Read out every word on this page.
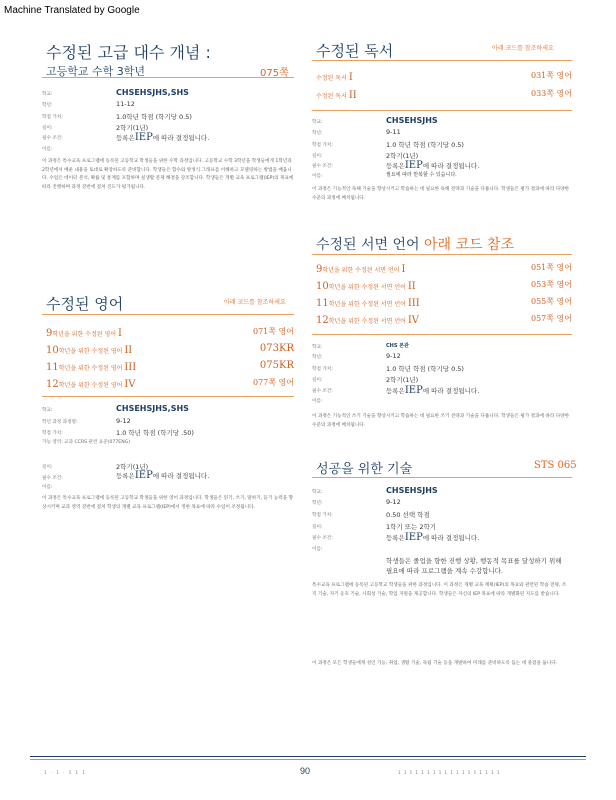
Machine Translated by Google
수정된 고급 대수 개념 :
고등학교 수학 3학년	075쪽
학교:	CHSEHSJHS,SHS
학년:	11-12
학점 가치:	1.0학년 학점 (학기당 0.5)
길이:	2학기(1년)
필수 조건:	등록은IEP에 따라 결정됩니다.
이름:
이 과정은 특수교육 프로그램에 등록된 고등학교 학생들을 위한 수학 과정입니다. 고등학교 수학 3학년을 학생들에게 1학년과 2학년에서 배운 내용을 토대로 확장하도록 준비합니다. 학생들은 함수와 방정식 그래프를 이해하고 모델링하는 방법을 배웁니다. 수업은 데이터 분석, 확률 및 통계를 포함하며 실생활 문제 해결을 강조합니다. 학생들은 개별 교육 프로그램(IEP)의 목표에 따라 진행하며 과정 전반에 걸쳐 진도가 평가됩니다.
수정된 영어	아래 코드를 참조하세요
9학년을 위한 수정된 영어 I	071쪽 영어
10학년을 위한 수정된 영어 II	073KR
11학년을 위한 수정된 영어 III	075KR
12학년을 위한 수정된 영어 IV	077쪽 영어
학교:	CHSEHSJHS,SHS
학년 과정 과정명:	9-12
학점 가치:	1.0 학년 학점 (학기당 .50)
가능 영역: 교과 CCRS 관련 표준(077ENG)
길이:	2학기(1년)
필수 조건:	등록은IEP에 따라 결정됩니다.
이름:
이 과정은 특수교육 프로그램에 등록된 고등학교 학생들을 위한 영어 과정입니다. 학생들은 읽기, 쓰기, 말하기, 듣기 능력을 향상시키며 교과 영역 전반에 걸쳐 학생의 개별 교육 프로그램(IEP)에서 정한 목표에 따라 수업이 조정됩니다.
수정된 독서	아래 코드를 참조하세요
수정된 독서 I	031쪽 영어
수정된 독서 II	033쪽 영어
학교:	CHSEHSJHS
학년:	9-11
학점 가치:	1.0 학년 학점 (학기당 0.5)
길이:	2학기(1년)
필수 조건:	등록은IEP에 따라 결정됩니다.
이름:	필요에 따라 반복할 수 있습니다.
이 과정은 기능적인 독해 기술을 향상시키고 학습하는 데 필요한 독해 전략과 기술을 다룹니다. 학생들은 평가 결과에 따라 다양한 수준의 과정에 배치됩니다.
수정된 서면 언어 아래 코드 참조
9학년을 위한 수정된 서면 언어 I	051쪽 영어
10학년을 위한 수정된 서면 언어 II	053쪽 영어
11학년을 위한 수정된 서면 언어 III	055쪽 영어
12학년을 위한 수정된 서면 언어 IV	057쪽 영어
학교:	CHS 본관
학년:	9-12
학점 가치:	1.0 학년 학점 (학기당 0.5)
길이:	2학기(1년)
필수 조건:	등록은IEP에 따라 결정됩니다.
이름:
이 과정은 기능적인 쓰기 기술을 향상시키고 학습하는 데 필요한 쓰기 전략과 기술을 다룹니다. 학생들은 평가 결과에 따라 다양한 수준의 과정에 배치됩니다.
성공을 위한 기술	STS 065
학교:	CHSEHSJHS
학년:	9-12
학점 가치:	0.50 선택 학점
길이:	1학기 또는 2학기
필수 조건:	등록은IEP에 따라 결정됩니다.
이름:
학생들은 졸업을 향한 진행 상황, 행동적 목표를 달성하기 위해 필요에 따라 프로그램을 계속 수강합니다.
특수교육 프로그램에 등록된 고등학교 학생들을 위한 과정입니다. 이 과정은 개별 교육 계획(IEP)의 목표와 관련된 학습 전략, 조직 기술, 자기 옹호 기술, 사회성 기술, 학업 지원을 제공합니다. 학생들은 자신의 IEP 목표에 따라 개별화된 지도를 받습니다.
이 과정은 모든 학생들에게 성인 기능, 취업, 생활 기술, 독립 기술 등을 개발하여 미래를 준비하도록 돕는 데 중점을 둡니다.
1 · 1 · 1 1 1	90	1 1 1 1 1 1 1 1 1 1 1 1 1 1 1 1 1 1
